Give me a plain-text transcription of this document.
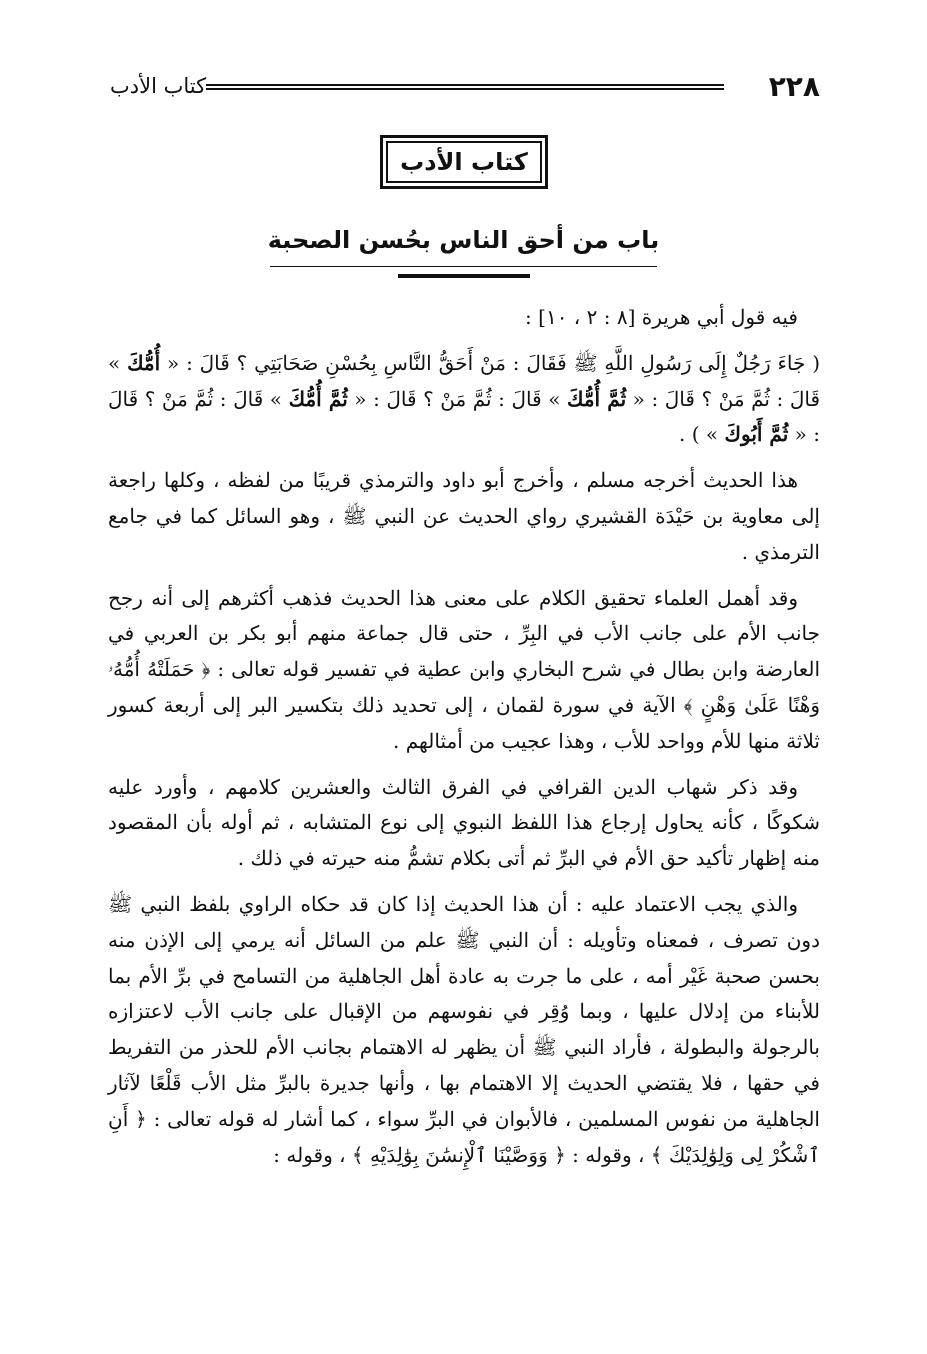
٢٢٨
كتاب الأدب
كتاب الأدب
باب من أحق الناس بحُسن الصحبة

فيه قول أبي هريرة [٨ : ٢ ، ١٠] :

( جَاءَ رَجُلٌ إِلَى رَسُولِ اللَّهِ ﷺ فَقَالَ : مَنْ أَحَقُّ النَّاسِ بِحُسْنِ صَحَابَتِي ؟ قَالَ : « أُمُّكَ » قَالَ : ثُمَّ مَنْ ؟ قَالَ : « ثُمَّ أُمُّكَ » قَالَ : ثُمَّ مَنْ ؟ قَالَ : « ثُمَّ أُمُّكَ » قَالَ : ثُمَّ مَنْ ؟ قَالَ : « ثُمَّ أَبُوكَ » ) .

هذا الحديث أخرجه مسلم ، وأخرج أبو داود والترمذي قريبًا من لفظه ، وكلها راجعة إلى معاوية بن حَيْدَة القشيري رواي الحديث عن النبي ﷺ ، وهو السائل كما في جامع الترمذي .

وقد أهمل العلماء تحقيق الكلام على معنى هذا الحديث فذهب أكثرهم إلى أنه رجح جانب الأم على جانب الأب في البِرِّ ، حتى قال جماعة منهم أبو بكر بن العربي في العارضة وابن بطال في شرح البخاري وابن عطية في تفسير قوله تعالى : ﴿ حَمَلَتْهُ أُمُّهُۥ وَهْنًا عَلَىٰ وَهْنٍ ﴾ الآية في سورة لقمان ، إلى تحديد ذلك بتكسير البر إلى أربعة كسور ثلاثة منها للأم وواحد للأب ، وهذا عجيب من أمثالهم .

وقد ذكر شهاب الدين القرافي في الفرق الثالث والعشرين كلامهم ، وأورد عليه شكوكًا ، كأنه يحاول إرجاع هذا اللفظ النبوي إلى نوع المتشابه ، ثم أوله بأن المقصود منه إظهار تأكيد حق الأم في البرِّ ثم أتى بكلام تشمُّ منه حيرته في ذلك .

والذي يجب الاعتماد عليه : أن هذا الحديث إذا كان قد حكاه الراوي بلفظ النبي ﷺ دون تصرف ، فمعناه وتأويله : أن النبي ﷺ علم من السائل أنه يرمي إلى الإذن منه بحسن صحبة غَيْر أمه ، على ما جرت به عادة أهل الجاهلية من التسامح في برِّ الأم بما للأبناء من إدلال عليها ، وبما وُقِر في نفوسهم من الإقبال على جانب الأب لاعتزازه بالرجولة والبطولة ، فأراد النبي ﷺ أن يظهر له الاهتمام بجانب الأم للحذر من التفريط في حقها ، فلا يقتضي الحديث إلا الاهتمام بها ، وأنها جديرة بالبرِّ مثل الأب قَلْعًا لآثار الجاهلية من نفوس المسلمين ، فالأبوان في البرِّ سواء ، كما أشار له قوله تعالى : ﴿ أَنِ ٱشْكُرْ لِى وَلِوَٰلِدَيْكَ ﴾ ، وقوله : ﴿ وَوَصَّيْنَا ٱلْإِنسَٰنَ بِوَٰلِدَيْهِ ﴾ ، وقوله :
